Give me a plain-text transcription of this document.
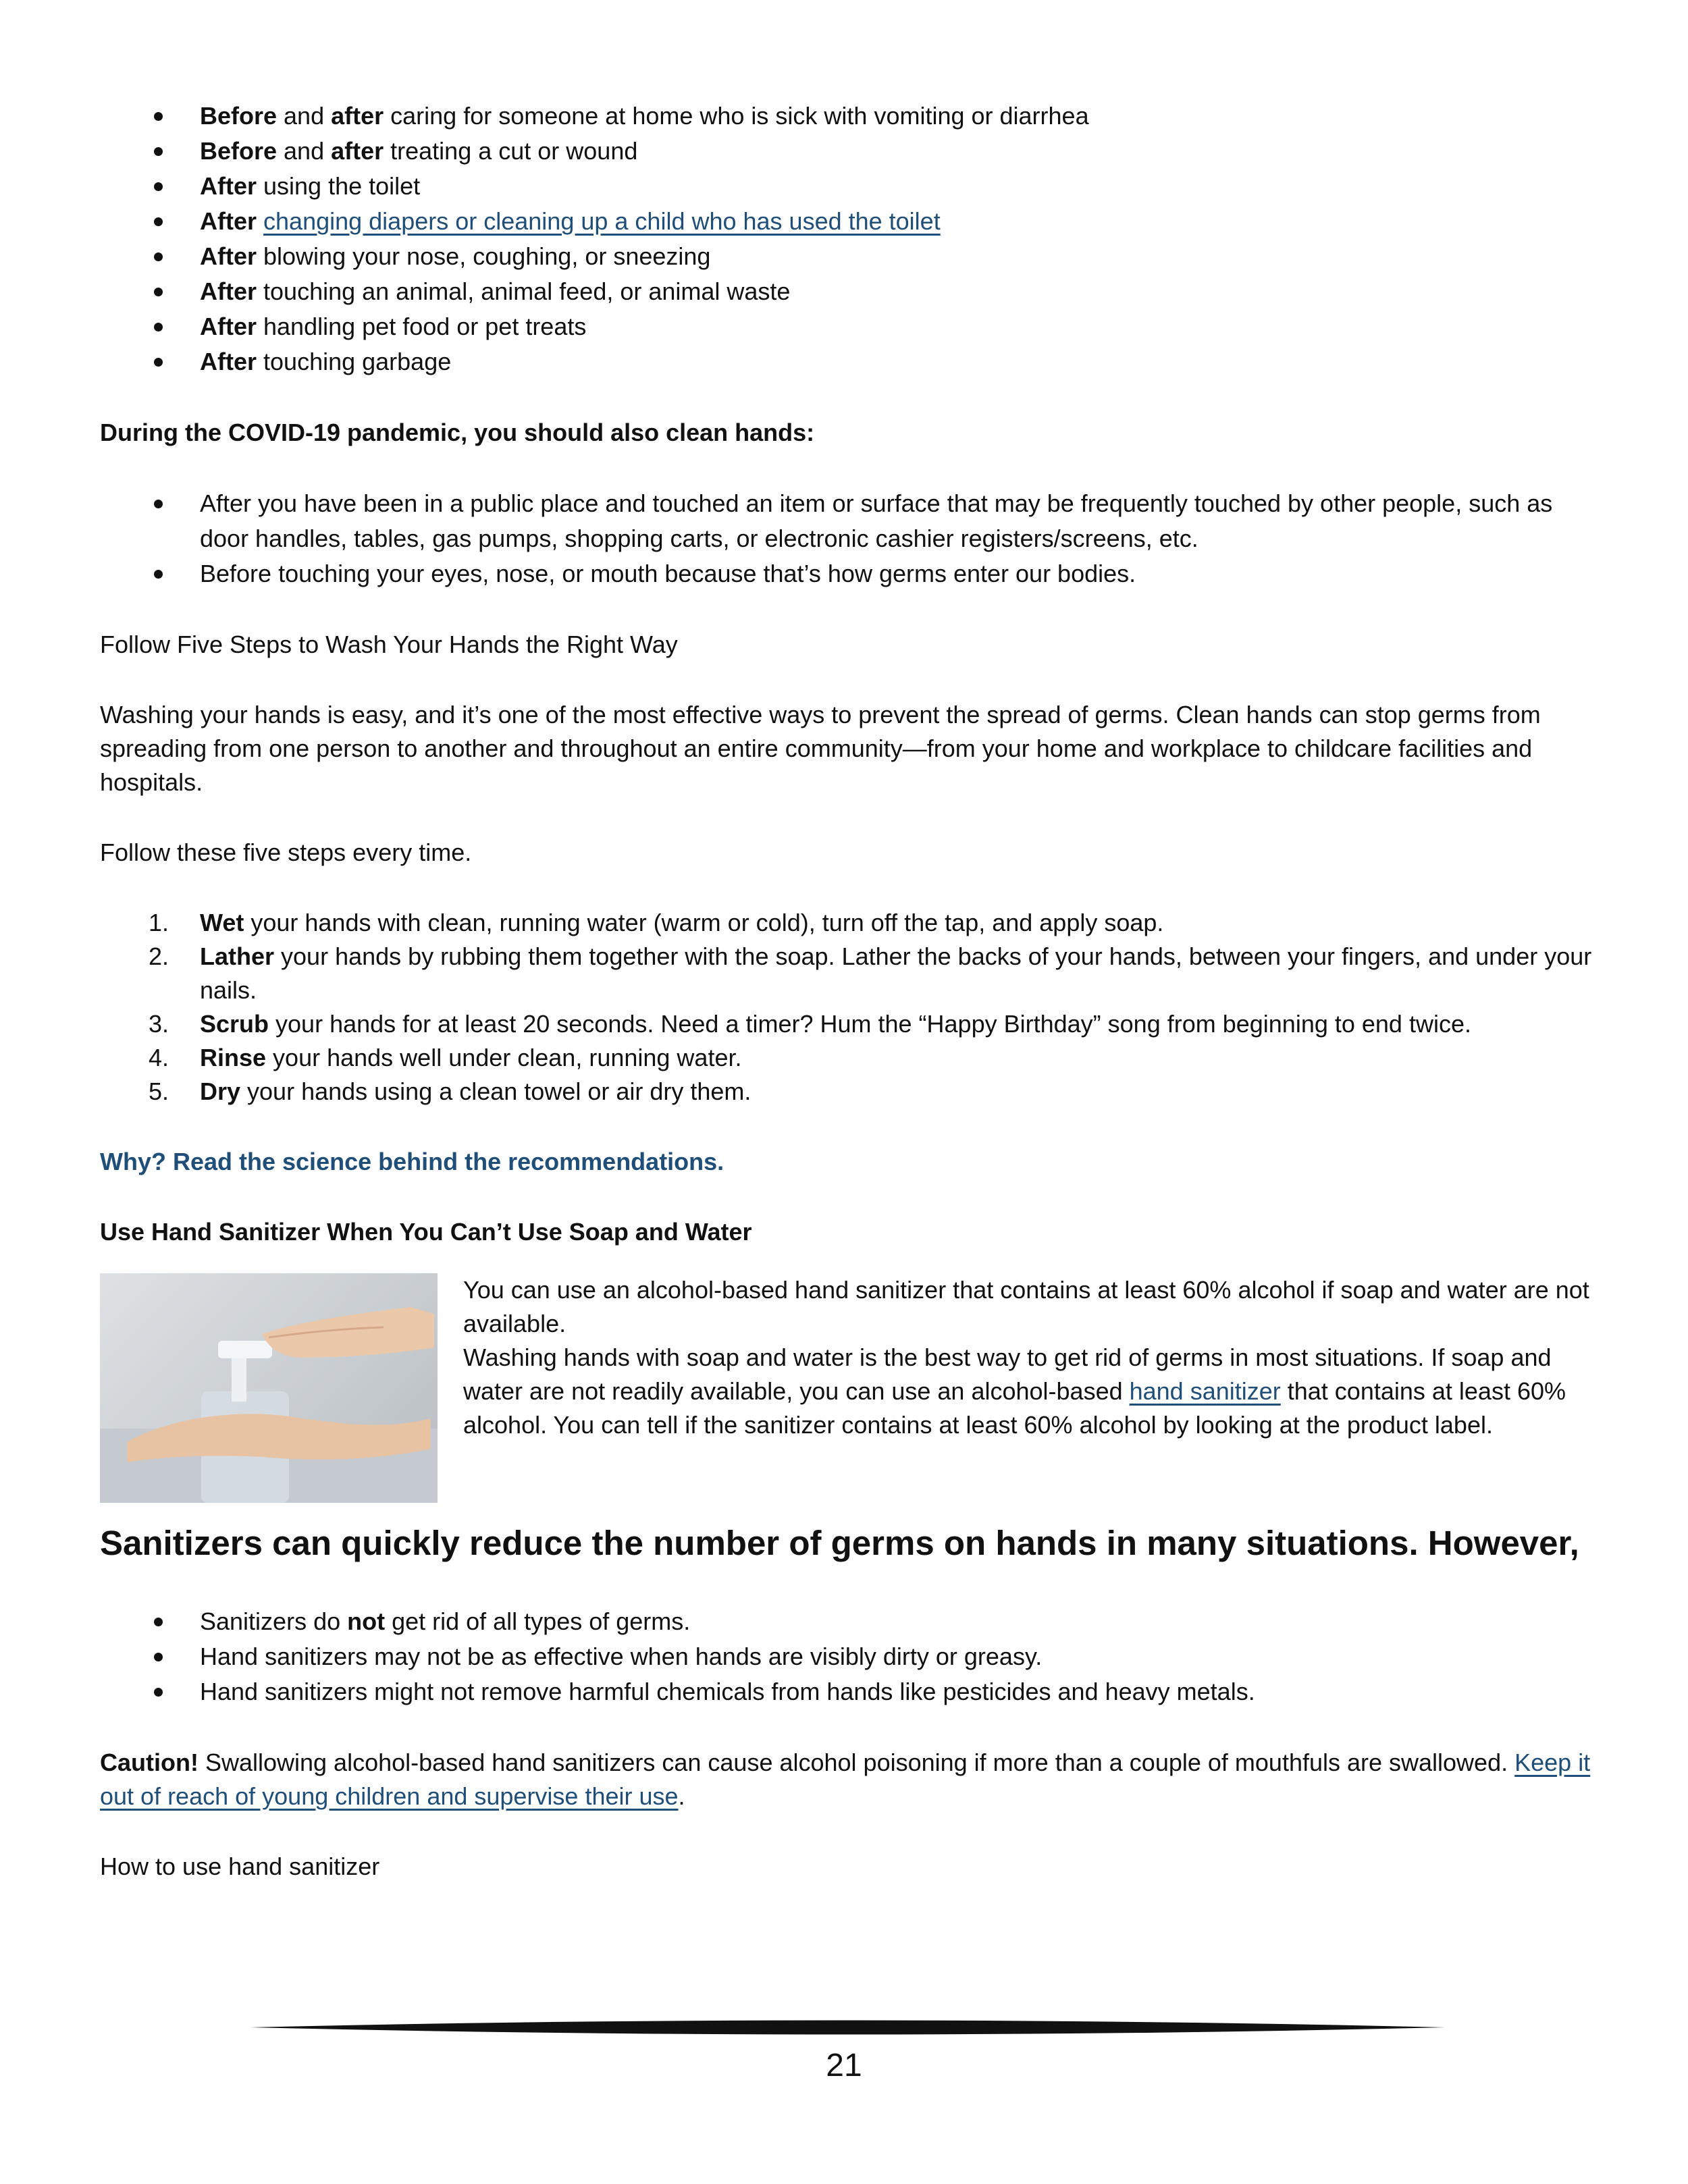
Before and after caring for someone at home who is sick with vomiting or diarrhea
Before and after treating a cut or wound
After using the toilet
After changing diapers or cleaning up a child who has used the toilet
After blowing your nose, coughing, or sneezing
After touching an animal, animal feed, or animal waste
After handling pet food or pet treats
After touching garbage

During the COVID-19 pandemic, you should also clean hands:

After you have been in a public place and touched an item or surface that may be frequently touched by other people, such as door handles, tables, gas pumps, shopping carts, or electronic cashier registers/screens, etc.
Before touching your eyes, nose, or mouth because that’s how germs enter our bodies.

Follow Five Steps to Wash Your Hands the Right Way

Washing your hands is easy, and it’s one of the most effective ways to prevent the spread of germs. Clean hands can stop germs from spreading from one person to another and throughout an entire community—from your home and workplace to childcare facilities and hospitals.

Follow these five steps every time.

1. Wet your hands with clean, running water (warm or cold), turn off the tap, and apply soap.
2. Lather your hands by rubbing them together with the soap. Lather the backs of your hands, between your fingers, and under your nails.
3. Scrub your hands for at least 20 seconds. Need a timer? Hum the “Happy Birthday” song from beginning to end twice.
4. Rinse your hands well under clean, running water.
5. Dry your hands using a clean towel or air dry them.

Why? Read the science behind the recommendations.

Use Hand Sanitizer When You Can’t Use Soap and Water

You can use an alcohol-based hand sanitizer that contains at least 60% alcohol if soap and water are not available.

Washing hands with soap and water is the best way to get rid of germs in most situations. If soap and water are not readily available, you can use an alcohol-based hand sanitizer that contains at least 60% alcohol. You can tell if the sanitizer contains at least 60% alcohol by looking at the product label.

Sanitizers can quickly reduce the number of germs on hands in many situations. However,
Sanitizers do not get rid of all types of germs.
Hand sanitizers may not be as effective when hands are visibly dirty or greasy.
Hand sanitizers might not remove harmful chemicals from hands like pesticides and heavy metals.

Caution! Swallowing alcohol-based hand sanitizers can cause alcohol poisoning if more than a couple of mouthfuls are swallowed. Keep it out of reach of young children and supervise their use.

How to use hand sanitizer

21
